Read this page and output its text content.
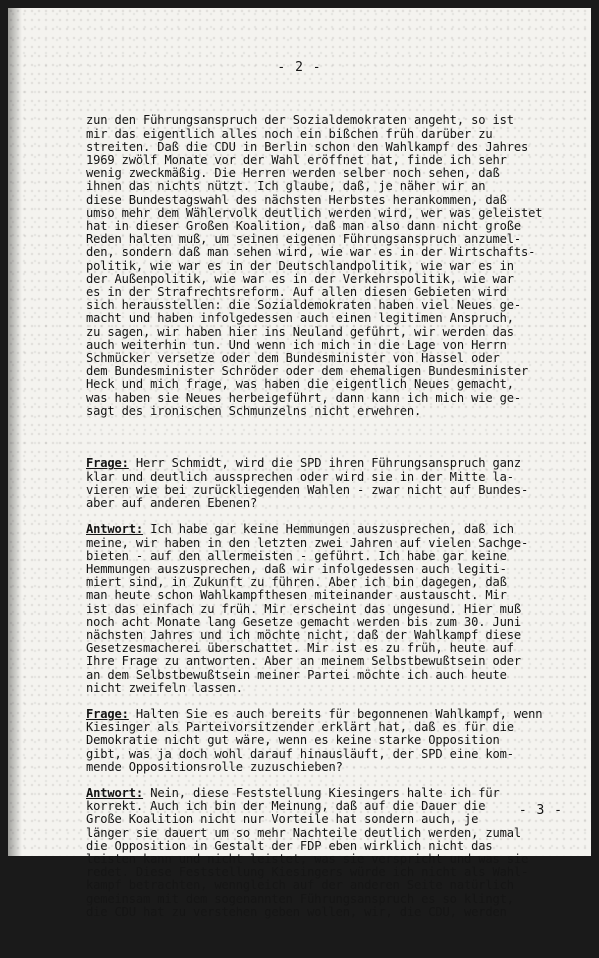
- 2 -

zun den Führungsanspruch der Sozialdemokraten angeht, so ist
mir das eigentlich alles noch ein bißchen früh darüber zu
streiten. Daß die CDU in Berlin schon den Wahlkampf des Jahres
1969 zwölf Monate vor der Wahl eröffnet hat, finde ich sehr
wenig zweckmäßig. Die Herren werden selber noch sehen, daß
ihnen das nichts nützt. Ich glaube, daß, je näher wir an
diese Bundestagswahl des nächsten Herbstes herankommen, daß
umso mehr dem Wählervolk deutlich werden wird, wer was geleistet
hat in dieser Großen Koalition, daß man also dann nicht große
Reden halten muß, um seinen eigenen Führungsanspruch anzumel-
den, sondern daß man sehen wird, wie war es in der Wirtschafts-
politik, wie war es in der Deutschlandpolitik, wie war es in
der Außenpolitik, wie war es in der Verkehrspolitik, wie war
es in der Strafrechtsreform. Auf allen diesen Gebieten wird
sich herausstellen: die Sozialdemokraten haben viel Neues ge-
macht und haben infolgedessen auch einen legitimen Anspruch,
zu sagen, wir haben hier ins Neuland geführt, wir werden das
auch weiterhin tun. Und wenn ich mich in die Lage von Herrn
Schmücker versetze oder dem Bundesminister von Hassel oder
dem Bundesminister Schröder oder dem ehemaligen Bundesminister
Heck und mich frage, was haben die eigentlich Neues gemacht,
was haben sie Neues herbeigeführt, dann kann ich mich wie ge-
sagt des ironischen Schmunzelns nicht erwehren.

Frage: Herr Schmidt, wird die SPD ihren Führungsanspruch ganz
klar und deutlich aussprechen oder wird sie in der Mitte la-
vieren wie bei zurückliegenden Wahlen - zwar nicht auf Bundes-
aber auf anderen Ebenen?
Antwort: Ich habe gar keine Hemmungen auszusprechen, daß ich
meine, wir haben in den letzten zwei Jahren auf vielen Sachge-
bieten - auf den allermeisten - geführt. Ich habe gar keine
Hemmungen auszusprechen, daß wir infolgedessen auch legiti-
miert sind, in Zukunft zu führen. Aber ich bin dagegen, daß
man heute schon Wahlkampfthesen miteinander austauscht. Mir
ist das einfach zu früh. Mir erscheint das ungesund. Hier muß
noch acht Monate lang Gesetze gemacht werden bis zum 30. Juni
nächsten Jahres und ich möchte nicht, daß der Wahlkampf diese
Gesetzesmacherei überschattet. Mir ist es zu früh, heute auf
Ihre Frage zu antworten. Aber an meinem Selbstbewußtsein oder
an dem Selbstbewußtsein meiner Partei möchte ich auch heute
nicht zweifeln lassen.
Frage: Halten Sie es auch bereits für begonnenen Wahlkampf, wenn
Kiesinger als Parteivorsitzender erklärt hat, daß es für die
Demokratie nicht gut wäre, wenn es keine starke Opposition
gibt, was ja doch wohl darauf hinausläuft, der SPD eine kom-
mende Oppositionsrolle zuzuschieben?
Antwort: Nein, diese Feststellung Kiesingers halte ich für
korrekt. Auch ich bin der Meinung, daß auf die Dauer die
Große Koalition nicht nur Vorteile hat sondern auch, je
länger sie dauert um so mehr Nachteile deutlich werden, zumal
die Opposition in Gestalt der FDP eben wirklich nicht das
leisten kann und nicht leistet, was sie verspricht und was sie
redet. Diese Feststellung Kiesingers würde ich nicht als Wahl-
kampf betrachten, wenngleich auf der anderen Seite natürlich
gemeinsam mit dem sogenannten Führungsanspruch es so klingt,
die CDU hat zu verstehen geben wollen, wir, die CDU, werden

- 3 -
